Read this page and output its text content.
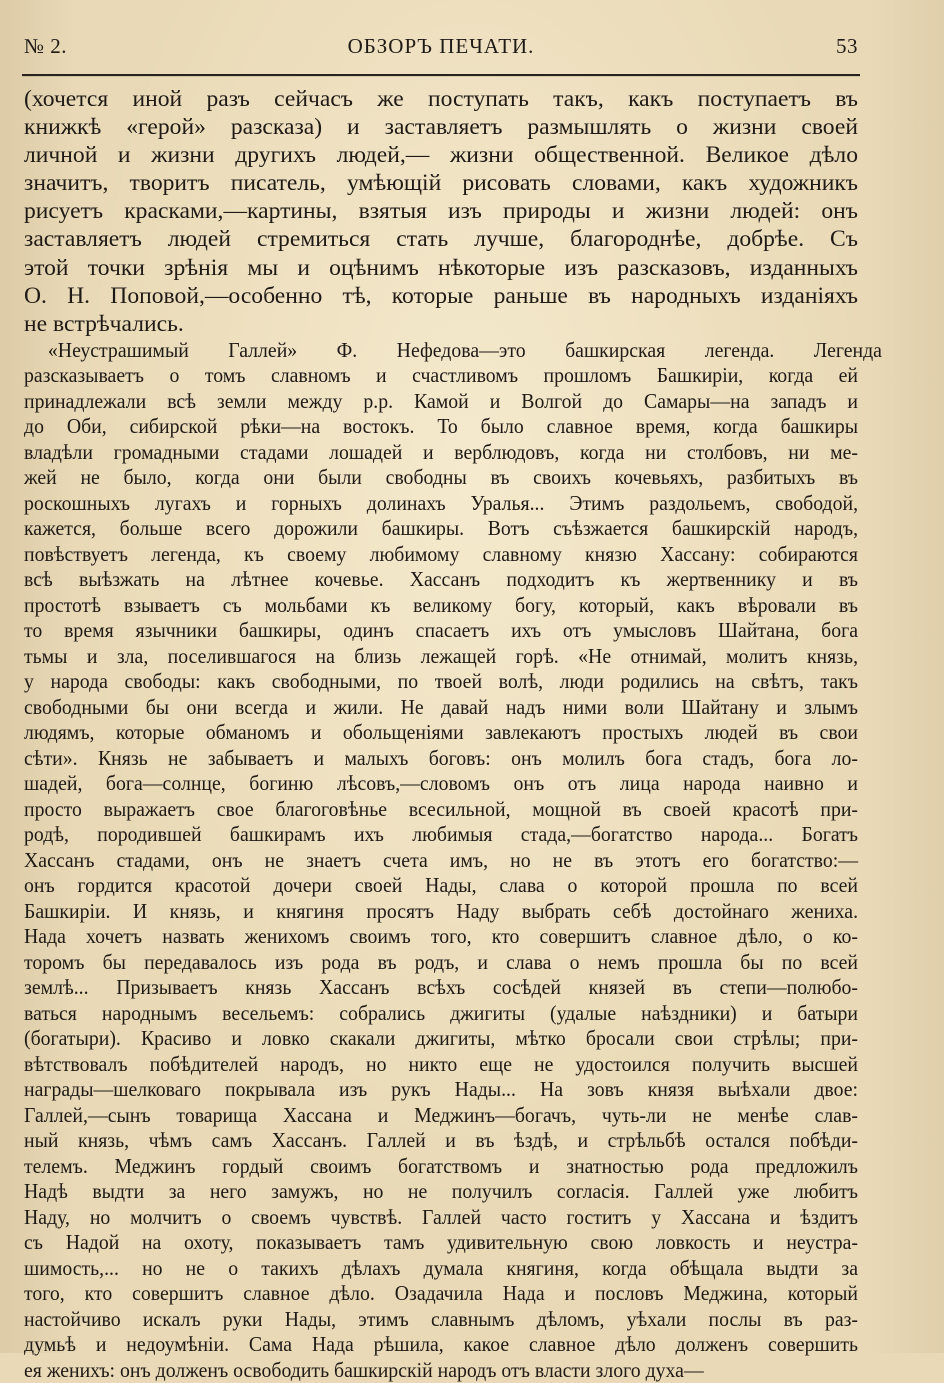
№ 2.	ОБЗОРЪ ПЕЧАТИ.	53
(хочется иной разъ сейчасъ же поступать такъ, какъ поступаетъ въ
книжкѣ «герой» разсказа) и заставляетъ размышлять о жизни своей
личной и жизни другихъ людей,— жизни общественной. Великое дѣло
значитъ, творитъ писатель, умѣющій рисовать словами, какъ художникъ
рисуетъ красками,—картины, взятыя изъ природы и жизни людей: онъ
заставляетъ людей стремиться стать лучше, благороднѣе, добрѣе. Съ
этой точки зрѣнія мы и оцѣнимъ нѣкоторые изъ разсказовъ, изданныхъ
О. Н. Поповой,—особенно тѣ, которые раньше въ народныхъ изданіяхъ
не встрѣчались.
«Неустрашимый Галлей» Ф. Нефедова—это башкирская легенда. Легенда
разсказываетъ о томъ славномъ и счастливомъ прошломъ Башкиріи, когда ей
принадлежали всѣ земли между р.р. Камой и Волгой до Самары—на западъ и
до Оби, сибирской рѣки—на востокъ. То было славное время, когда башкиры
владѣли громадными стадами лошадей и верблюдовъ, когда ни столбовъ, ни ме-
жей не было, когда они были свободны въ своихъ кочевьяхъ, разбитыхъ въ
роскошныхъ лугахъ и горныхъ долинахъ Уралья... Этимъ раздольемъ, свободой,
кажется, больше всего дорожили башкиры. Вотъ съѣзжается башкирскій народъ,
повѣствуетъ легенда, къ своему любимому славному князю Хассану: собираются
всѣ выѣзжать на лѣтнее кочевье. Хассанъ подходитъ къ жертвеннику и въ
простотѣ взываетъ съ мольбами къ великому богу, который, какъ вѣровали въ
то время язычники башкиры, одинъ спасаетъ ихъ отъ умысловъ Шайтана, бога
тьмы и зла, поселившагося на близь лежащей горѣ. «Не отнимай, молитъ князь,
у народа свободы: какъ свободными, по твоей волѣ, люди родились на свѣтъ, такъ
свободными бы они всегда и жили. Не давай надъ ними воли Шайтану и злымъ
людямъ, которые обманомъ и обольщеніями завлекаютъ простыхъ людей въ свои
сѣти». Князь не забываетъ и малыхъ боговъ: онъ молилъ бога стадъ, бога ло-
шадей, бога—солнце, богиню лѣсовъ,—словомъ онъ отъ лица народа наивно и
просто выражаетъ свое благоговѣнье всесильной, мощной въ своей красотѣ при-
родѣ, породившей башкирамъ ихъ любимыя стада,—богатство народа... Богатъ
Хассанъ стадами, онъ не знаетъ счета имъ, но не въ этотъ его богатство:—
онъ гордится красотой дочери своей Нады, слава о которой прошла по всей
Башкиріи. И князь, и княгиня просятъ Наду выбрать себѣ достойнаго жениха.
Нада хочетъ назвать женихомъ своимъ того, кто совершитъ славное дѣло, о ко-
торомъ бы передавалось изъ рода въ родъ, и слава о немъ прошла бы по всей
землѣ... Призываетъ князь Хассанъ всѣхъ сосѣдей князей въ степи—полюбо-
ваться народнымъ весельемъ: собрались джигиты (удалые наѣздники) и батыри
(богатыри). Красиво и ловко скакали джигиты, мѣтко бросали свои стрѣлы; при-
вѣтствовалъ побѣдителей народъ, но никто еще не удостоился получить высшей
награды—шелковаго покрывала изъ рукъ Нады... На зовъ князя выѣхали двое:
Галлей,—сынъ товарища Хассана и Меджинъ—богачъ, чуть-ли не менѣе слав-
ный князь, чѣмъ самъ Хассанъ. Галлей и въ ѣздѣ, и стрѣльбѣ остался побѣди-
телемъ. Меджинъ гордый своимъ богатствомъ и знатностью рода предложилъ
Надѣ выдти за него замужъ, но не получилъ согласія. Галлей уже любитъ
Наду, но молчитъ о своемъ чувствѣ. Галлей часто гоститъ у Хассана и ѣздитъ
съ Надой на охоту, показываетъ тамъ удивительную свою ловкость и неустра-
шимость,... но не о такихъ дѣлахъ думала княгиня, когда обѣщала выдти за
того, кто совершитъ славное дѣло. Озадачила Нада и пословъ Меджина, который
настойчиво искалъ руки Нады, этимъ славнымъ дѣломъ, уѣхали послы въ раз-
думьѣ и недоумѣніи. Сама Нада рѣшила, какое славное дѣло долженъ совершить
ея женихъ: онъ долженъ освободить башкирскій народъ отъ власти злого духа—
